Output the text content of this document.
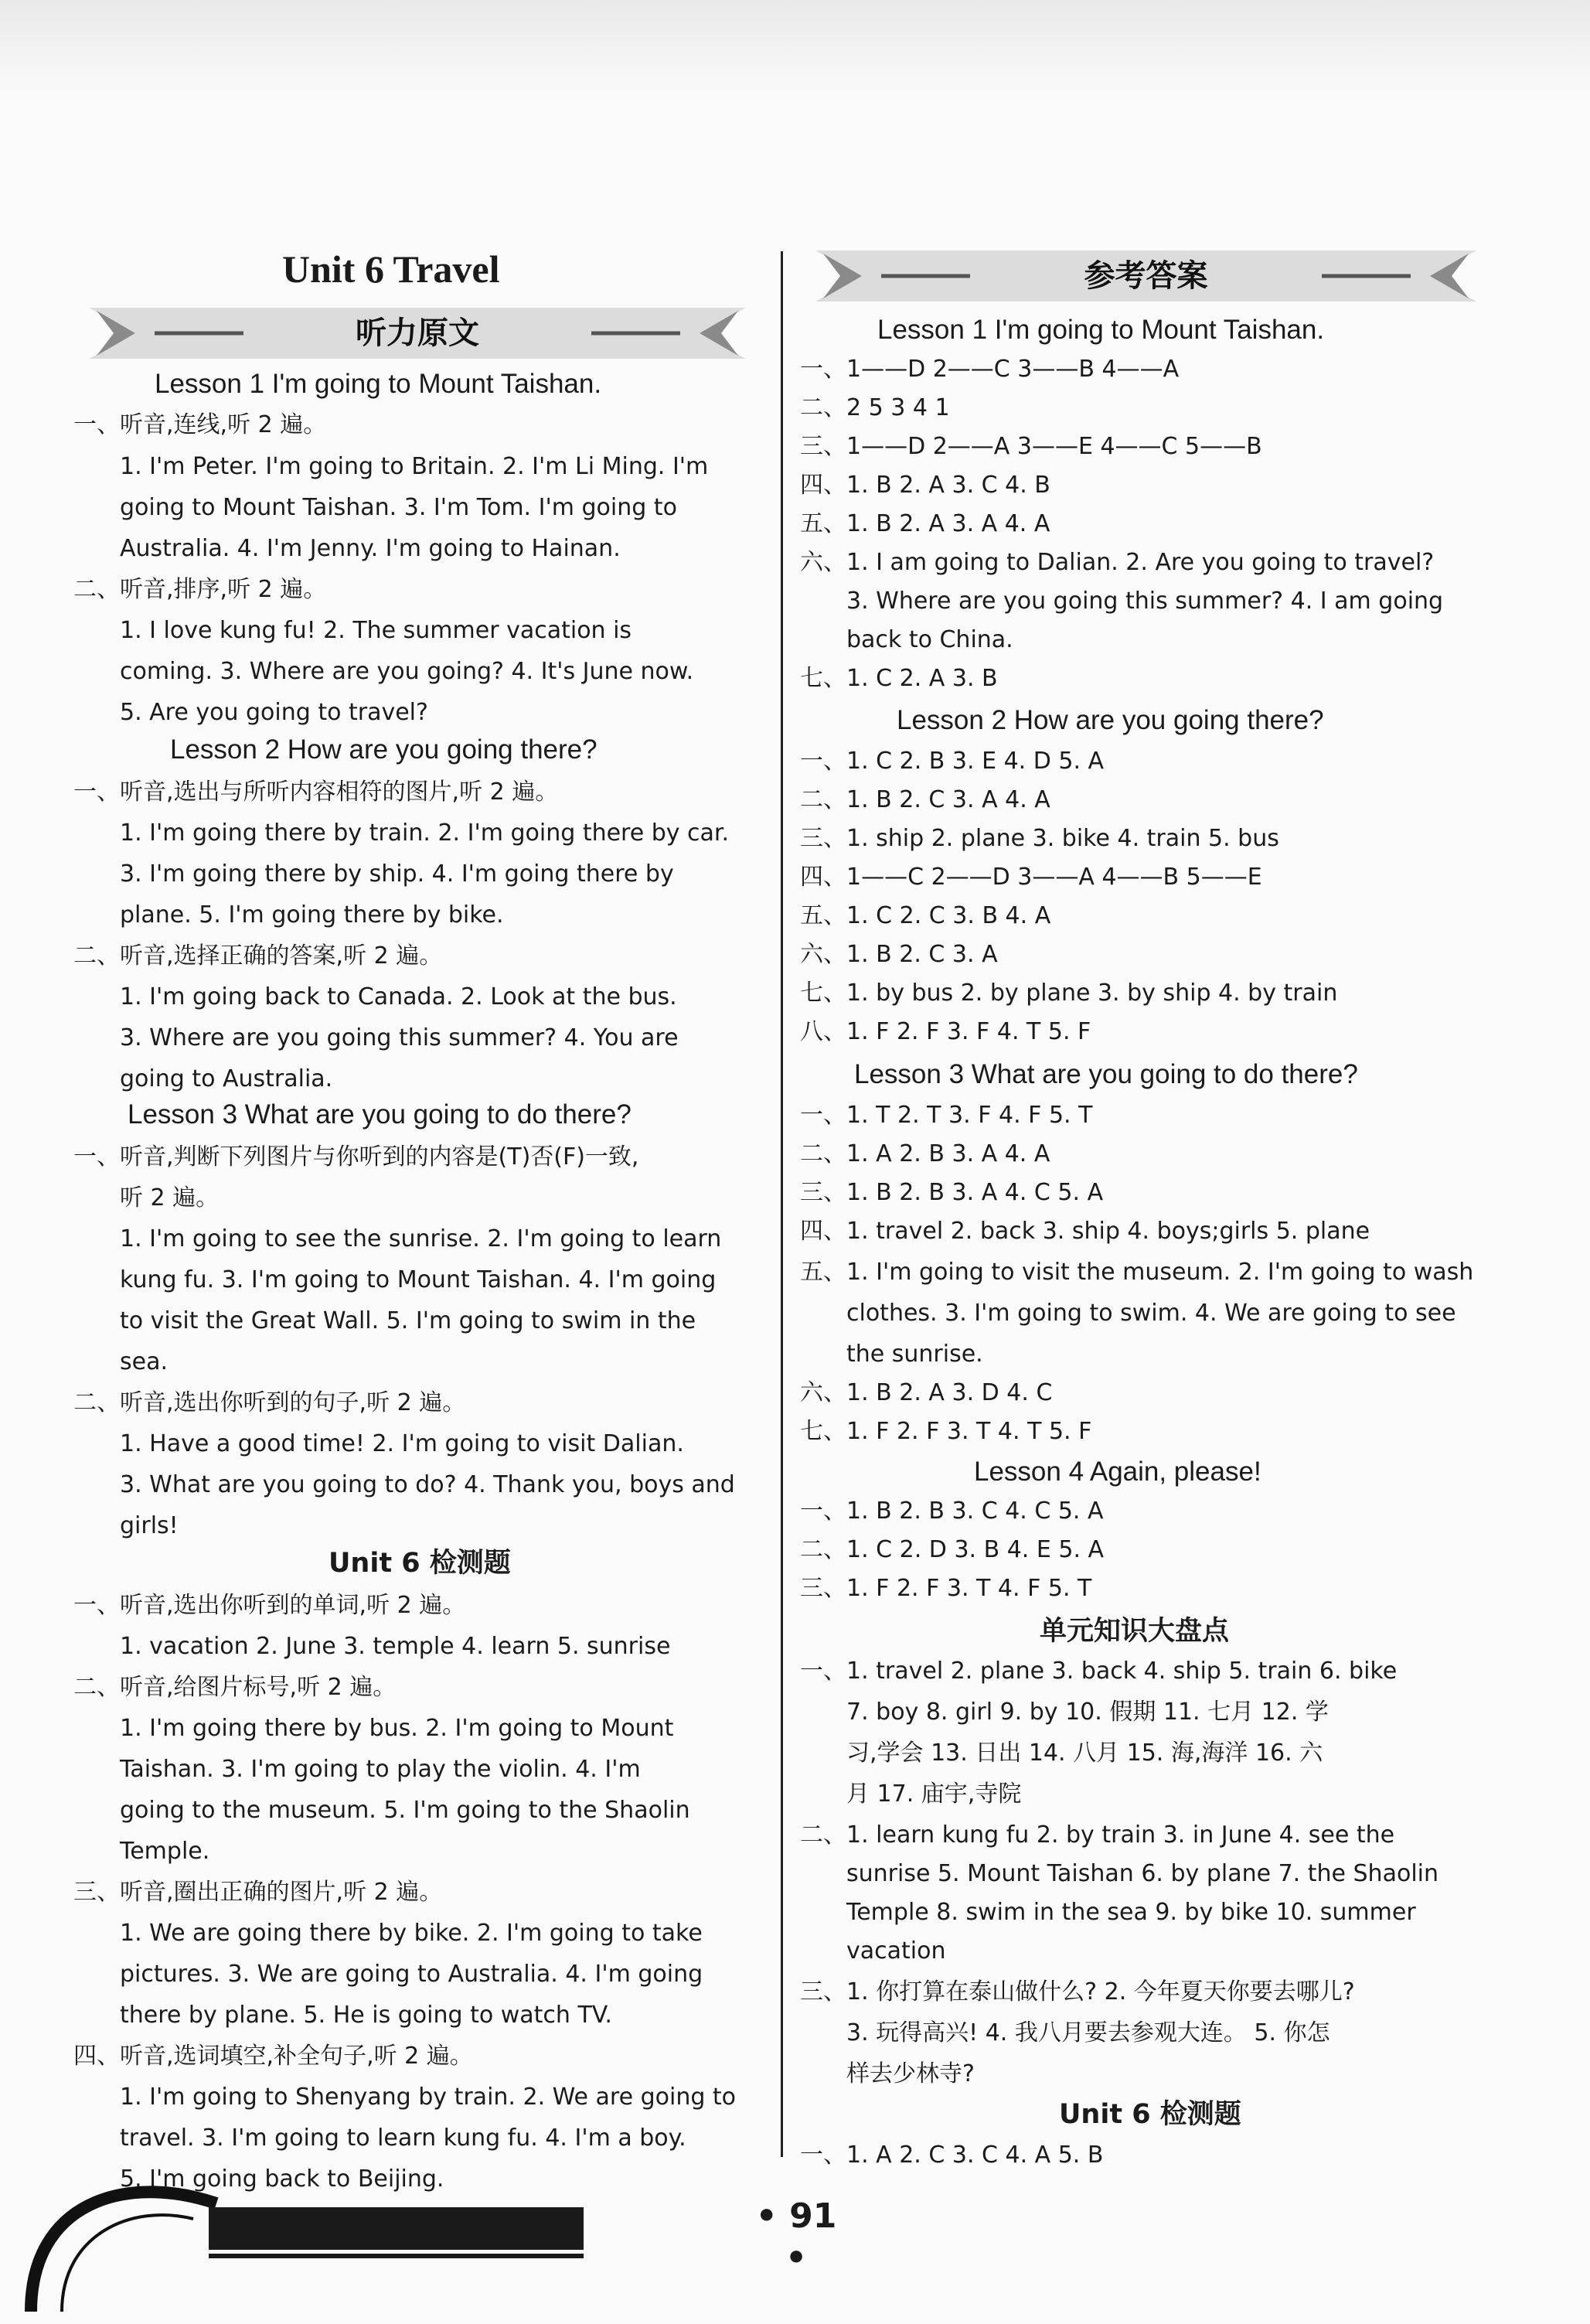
Unit 6 Travel
听力原文
Lesson 1 I'm going to Mount Taishan.
一、听音,连线,听 2 遍。
1. I'm Peter. I'm going to Britain. 2. I'm Li Ming. I'm
going to Mount Taishan. 3. I'm Tom. I'm going to
Australia. 4. I'm Jenny. I'm going to Hainan.
二、听音,排序,听 2 遍。
1. I love kung fu! 2. The summer vacation is
coming. 3. Where are you going? 4. It's June now.
5. Are you going to travel?
Lesson 2 How are you going there?
一、听音,选出与所听内容相符的图片,听 2 遍。
1. I'm going there by train. 2. I'm going there by car.
3. I'm going there by ship. 4. I'm going there by
plane. 5. I'm going there by bike.
二、听音,选择正确的答案,听 2 遍。
1. I'm going back to Canada. 2. Look at the bus.
3. Where are you going this summer? 4. You are
going to Australia.
Lesson 3 What are you going to do there?
一、听音,判断下列图片与你听到的内容是(T)否(F)一致,
听 2 遍。
1. I'm going to see the sunrise. 2. I'm going to learn
kung fu. 3. I'm going to Mount Taishan. 4. I'm going
to visit the Great Wall. 5. I'm going to swim in the
sea.
二、听音,选出你听到的句子,听 2 遍。
1. Have a good time! 2. I'm going to visit Dalian.
3. What are you going to do? 4. Thank you, boys and
girls!
Unit 6 检测题
一、听音,选出你听到的单词,听 2 遍。
1. vacation 2. June 3. temple 4. learn 5. sunrise
二、听音,给图片标号,听 2 遍。
1. I'm going there by bus. 2. I'm going to Mount
Taishan. 3. I'm going to play the violin. 4. I'm
going to the museum. 5. I'm going to the Shaolin
Temple.
三、听音,圈出正确的图片,听 2 遍。
1. We are going there by bike. 2. I'm going to take
pictures. 3. We are going to Australia. 4. I'm going
there by plane. 5. He is going to watch TV.
四、听音,选词填空,补全句子,听 2 遍。
1. I'm going to Shenyang by train. 2. We are going to
travel. 3. I'm going to learn kung fu. 4. I'm a boy.
5. I'm going back to Beijing.
参考答案
Lesson 1 I'm going to Mount Taishan.
一、1——D 2——C 3——B 4——A
二、2 5 3 4 1
三、1——D 2——A 3——E 4——C 5——B
四、1. B 2. A 3. C 4. B
五、1. B 2. A 3. A 4. A
六、1. I am going to Dalian. 2. Are you going to travel?
3. Where are you going this summer? 4. I am going
back to China.
七、1. C 2. A 3. B
Lesson 2 How are you going there?
一、1. C 2. B 3. E 4. D 5. A
二、1. B 2. C 3. A 4. A
三、1. ship 2. plane 3. bike 4. train 5. bus
四、1——C 2——D 3——A 4——B 5——E
五、1. C 2. C 3. B 4. A
六、1. B 2. C 3. A
七、1. by bus 2. by plane 3. by ship 4. by train
八、1. F 2. F 3. F 4. T 5. F
Lesson 3 What are you going to do there?
一、1. T 2. T 3. F 4. F 5. T
二、1. A 2. B 3. A 4. A
三、1. B 2. B 3. A 4. C 5. A
四、1. travel 2. back 3. ship 4. boys;girls 5. plane
五、1. I'm going to visit the museum. 2. I'm going to wash
clothes. 3. I'm going to swim. 4. We are going to see
the sunrise.
六、1. B 2. A 3. D 4. C
七、1. F 2. F 3. T 4. T 5. F
Lesson 4 Again, please!
一、1. B 2. B 3. C 4. C 5. A
二、1. C 2. D 3. B 4. E 5. A
三、1. F 2. F 3. T 4. F 5. T
单元知识大盘点
一、1. travel 2. plane 3. back 4. ship 5. train 6. bike
7. boy 8. girl 9. by 10. 假期 11. 七月 12. 学
习,学会 13. 日出 14. 八月 15. 海,海洋 16. 六
月 17. 庙宇,寺院
二、1. learn kung fu 2. by train 3. in June 4. see the
sunrise 5. Mount Taishan 6. by plane 7. the Shaolin
Temple 8. swim in the sea 9. by bike 10. summer
vacation
三、1. 你打算在泰山做什么? 2. 今年夏天你要去哪儿?
3. 玩得高兴! 4. 我八月要去参观大连。 5. 你怎
样去少林寺?
Unit 6 检测题
一、1. A 2. C 3. C 4. A 5. B
• 91 •
